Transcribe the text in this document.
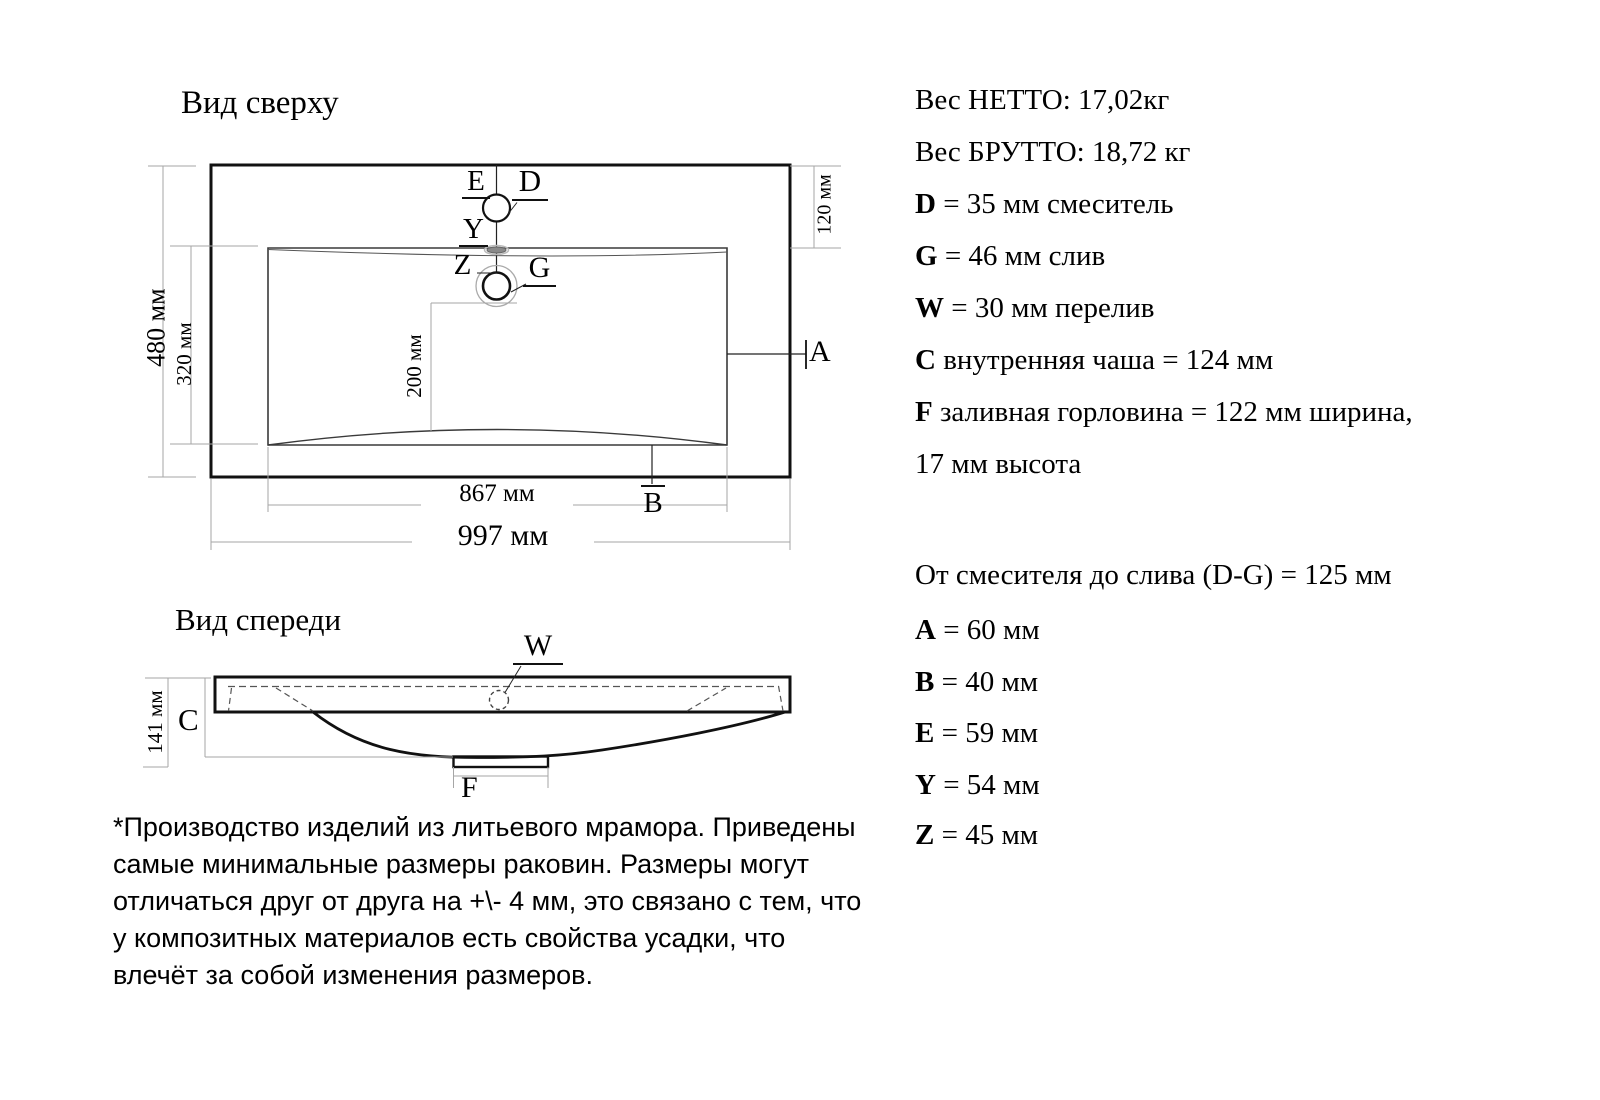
Вид сверху
E D
Y
Z G
A
B
120 мм
480 мм 320 мм	200 мм
867 мм
997 мм
Вид спереди
W
C
F
141 мм
Вес НЕТТО: 17,02кг
Вес БРУТТО: 18,72 кг
D = 35 мм смеситель
G = 46 мм слив
W = 30 мм перелив
C внутренняя чаша = 124 мм
F заливная горловина = 122 мм ширина,
17 мм высота
От смесителя до слива (D-G) = 125 мм
A = 60 мм
B = 40 мм
E = 59 мм
Y = 54 мм
Z = 45 мм
*Производство изделий из литьевого мрамора. Приведены
самые минимальные размеры раковин. Размеры могут
отличаться друг от друга на +\- 4 мм, это связано с тем, что
у композитных материалов есть свойства усадки, что
влечёт за собой изменения размеров.
